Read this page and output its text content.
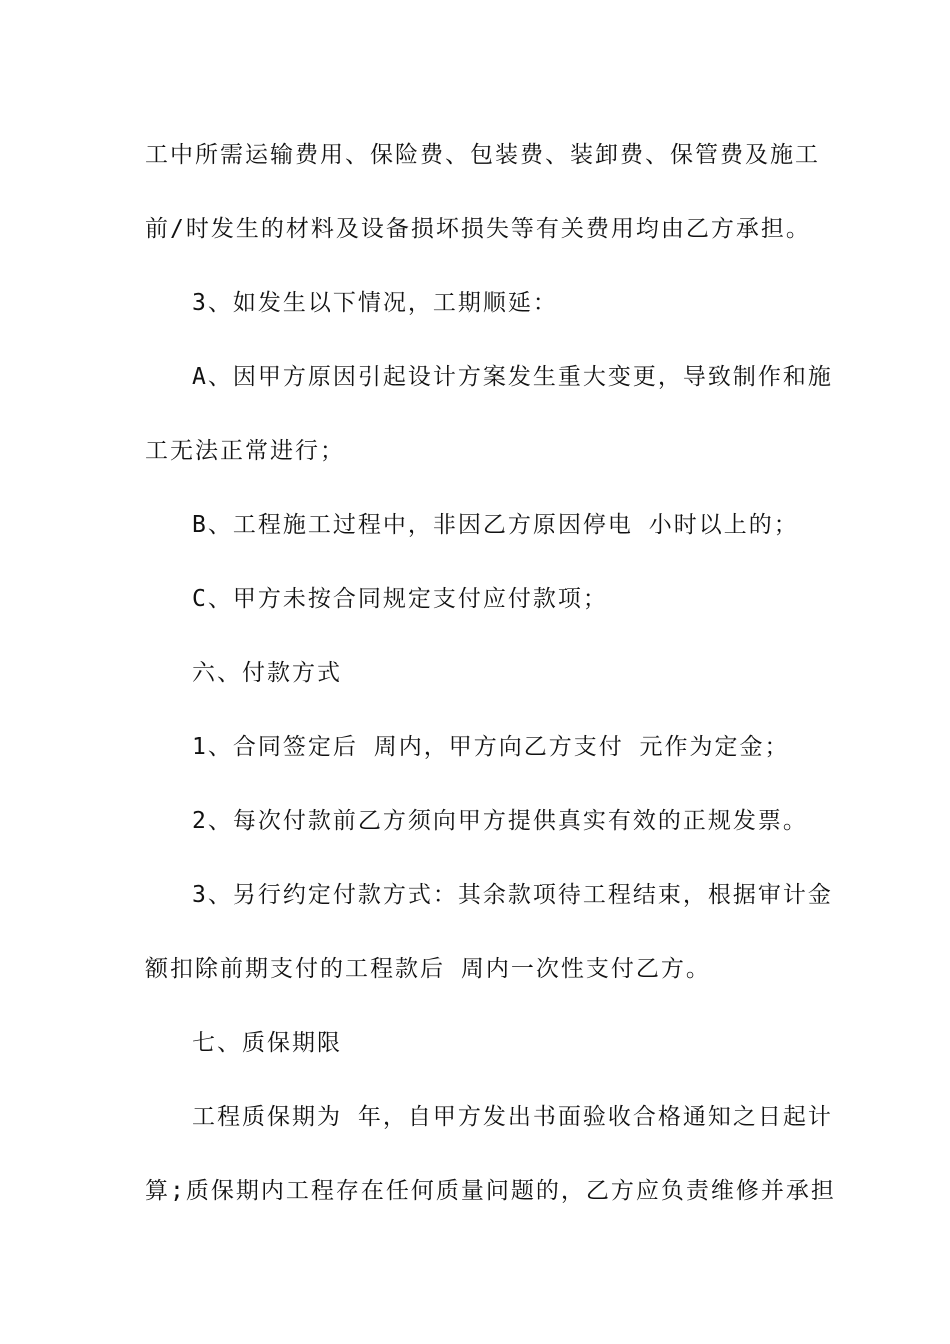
工中所需运输费用、保险费、包装费、装卸费、保管费及施工

前/时发生的材料及设备损坏损失等有关费用均由乙方承担。

3、如发生以下情况，工期顺延：

A、因甲方原因引起设计方案发生重大变更，导致制作和施

工无法正常进行；

B、工程施工过程中，非因乙方原因停电 小时以上的；

C、甲方未按合同规定支付应付款项；

六、付款方式

1、合同签定后 周内，甲方向乙方支付 元作为定金；

2、每次付款前乙方须向甲方提供真实有效的正规发票。

3、另行约定付款方式：其余款项待工程结束，根据审计金

额扣除前期支付的工程款后 周内一次性支付乙方。

七、质保期限

工程质保期为 年，自甲方发出书面验收合格通知之日起计

算;质保期内工程存在任何质量问题的，乙方应负责维修并承担
